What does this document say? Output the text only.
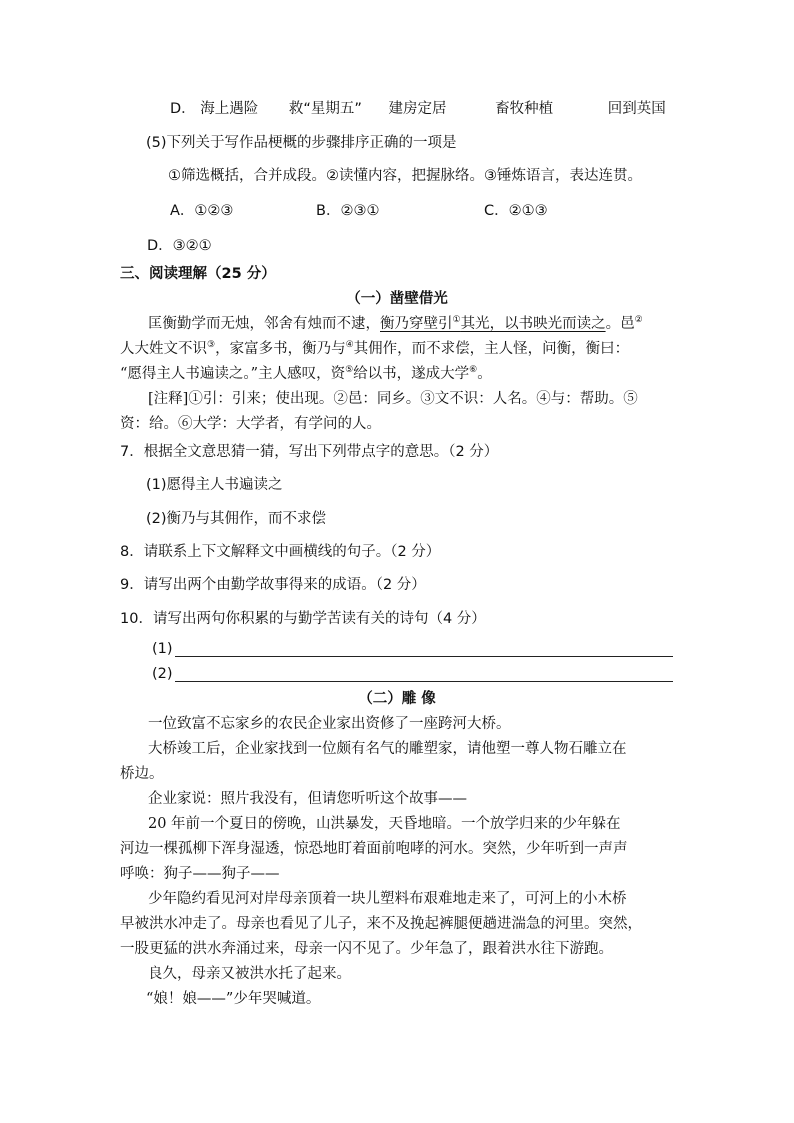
D． 海上遇险 救“星期五” 建房定居	畜牧种植	回到英国
(5)下列关于写作品梗概的步骤排序正确的一项是
①筛选概括，合并成段。②读懂内容，把握脉络。③锤炼语言，表达连贯。
A．①②③	B．②③①	C．②①③
D．③②①
三、阅读理解（25 分）
（一）凿壁借光
匡衡勤学而无烛，邻舍有烛而不逮，衡乃穿壁引①其光，以书映光而读之。邑②
人大姓文不识③，家富多书，衡乃与④其佣作，而不求偿，主人怪，问衡，衡曰：
“愿得主人书遍读之。”主人感叹，资⑤给以书，遂成大学⑥。
[注释]①引：引来；使出现。②邑：同乡。③文不识：人名。④与：帮助。⑤
资：给。⑥大学：大学者，有学问的人。
7．根据全文意思猜一猜，写出下列带点字的意思。（2 分）
(1)愿得主人书遍读之
(2)衡乃与其佣作，而不求偿
8．请联系上下文解释文中画横线的句子。（2 分）
9．请写出两个由勤学故事得来的成语。（2 分）
10．请写出两句你积累的与勤学苦读有关的诗句（4 分）
(1)
(2)
（二）雕 像
一位致富不忘家乡的农民企业家出资修了一座跨河大桥。
大桥竣工后，企业家找到一位颇有名气的雕塑家，请他塑一尊人物石雕立在
桥边。
企业家说：照片我没有，但请您听听这个故事——
20 年前一个夏日的傍晚，山洪暴发，天昏地暗。一个放学归来的少年躲在
河边一棵孤柳下浑身湿透，惊恐地盯着面前咆哮的河水。突然，少年听到一声声
呼唤：狗子——狗子——
少年隐约看见河对岸母亲顶着一块儿塑料布艰难地走来了，可河上的小木桥
早被洪水冲走了。母亲也看见了儿子，来不及挽起裤腿便趟进湍急的河里。突然，
一股更猛的洪水奔涌过来，母亲一闪不见了。少年急了，跟着洪水往下游跑。
良久，母亲又被洪水托了起来。
“娘！娘——”少年哭喊道。
